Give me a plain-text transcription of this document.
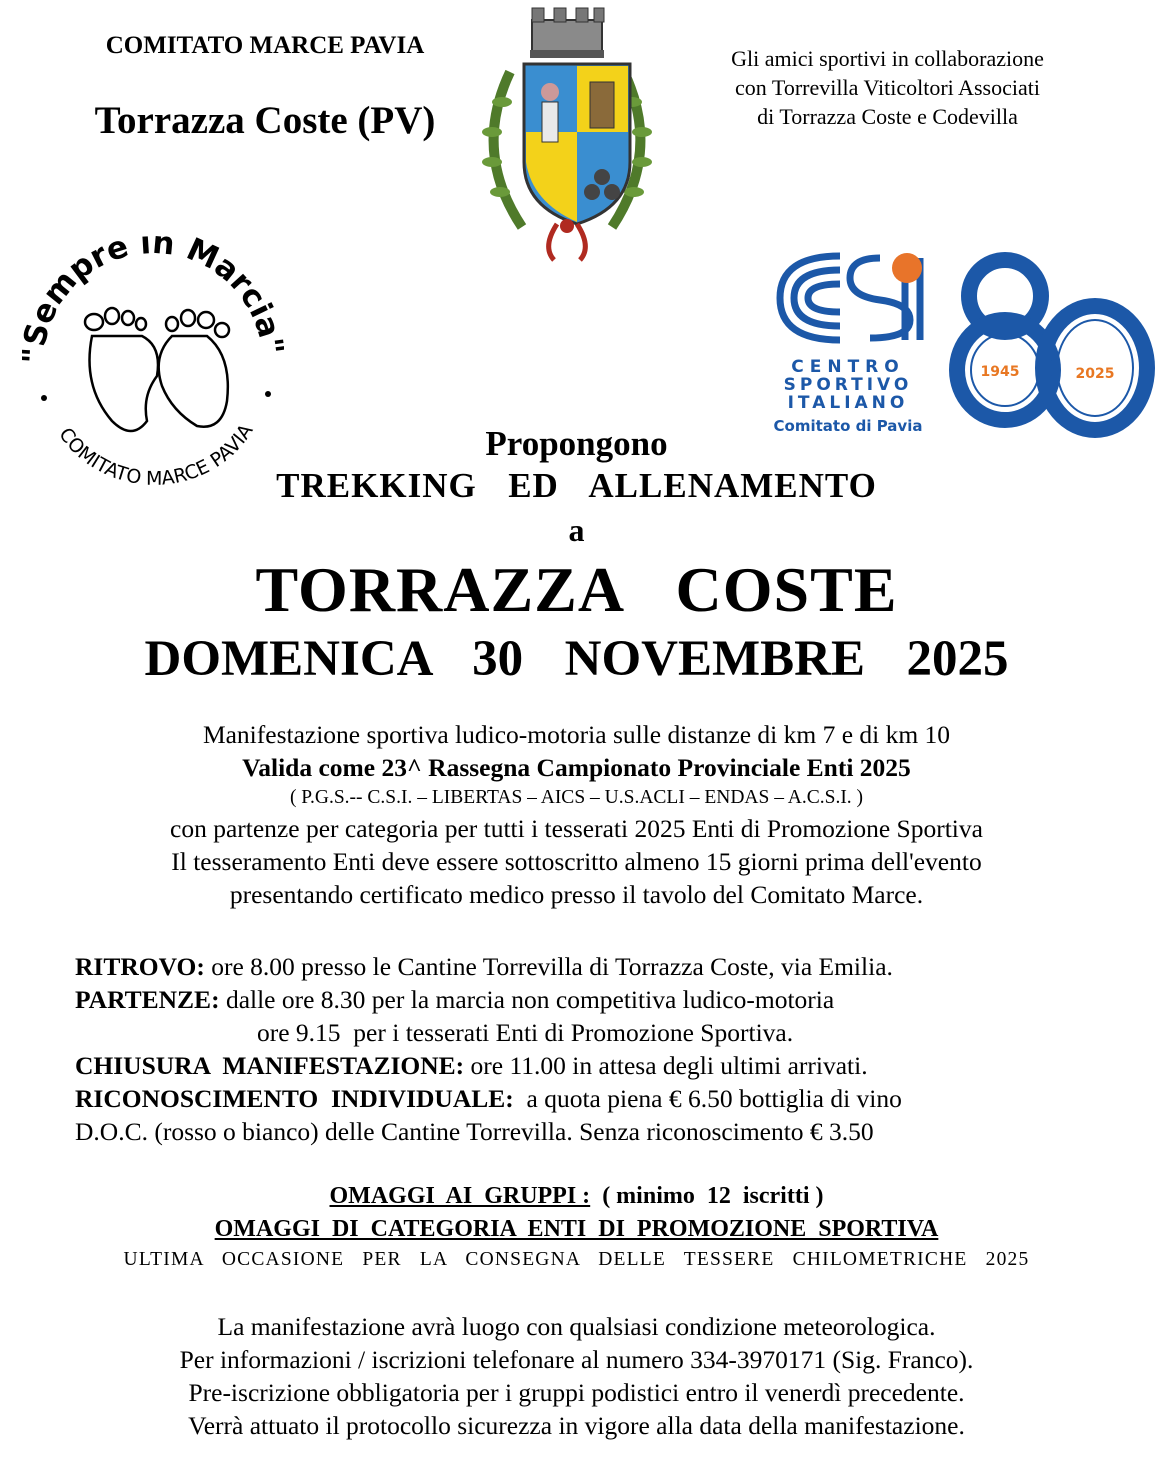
COMITATO MARCE PAVIA
Torrazza Coste (PV)
Gli amici sportivi in collaborazione
con Torrevilla Viticoltori Associati
di Torrazza Coste e Codevilla
empre in Marcia
COMITATO MARCE PAVIA
CENTRO
SPORTIVO
ITALIANO
Comitato di Pavia
1945	2025
Propongono
TREKKING  ED  ALLENAMENTO
a
TORRAZZA  COSTE
DOMENICA  30  NOVEMBRE  2025
Manifestazione sportiva ludico-motoria sulle distanze di km 7 e di km 10
Valida come 23^ Rassegna Campionato Provinciale Enti 2025
( P.G.S.-- C.S.I. – LIBERTAS – AICS – U.S.ACLI – ENDAS – A.C.S.I. )
con partenze per categoria per tutti i tesserati 2025 Enti di Promozione Sportiva
Il tesseramento Enti deve essere sottoscritto almeno 15 giorni prima dell'evento
presentando certificato medico presso il tavolo del Comitato Marce.
RITROVO: ore 8.00 presso le Cantine Torrevilla di Torrazza Coste, via Emilia.
PARTENZE: dalle ore 8.30 per la marcia non competitiva ludico-motoria
ore 9.15  per i tesserati Enti di Promozione Sportiva.
CHIUSURA  MANIFESTAZIONE: ore 11.00 in attesa degli ultimi arrivati.
RICONOSCIMENTO  INDIVIDUALE:  a quota piena € 6.50 bottiglia di vino
D.O.C. (rosso o bianco) delle Cantine Torrevilla. Senza riconoscimento € 3.50
OMAGGI  AI  GRUPPI :  ( minimo  12  iscritti )
OMAGGI  DI  CATEGORIA  ENTI  DI  PROMOZIONE  SPORTIVA
ULTIMA  OCCASIONE  PER  LA  CONSEGNA  DELLE  TESSERE  CHILOMETRICHE  2025
La manifestazione avrà luogo con qualsiasi condizione meteorologica.
Per informazioni / iscrizioni telefonare al numero 334-3970171 (Sig. Franco).
Pre-iscrizione obbligatoria per i gruppi podistici entro il venerdì precedente.
Verrà attuato il protocollo sicurezza in vigore alla data della manifestazione.
